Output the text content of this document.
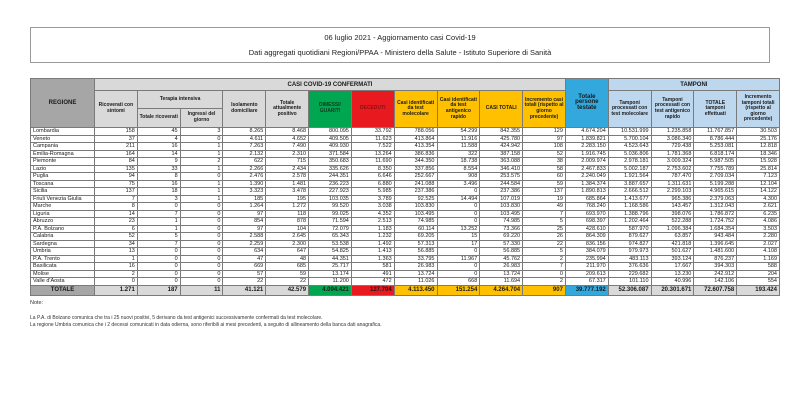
06 luglio 2021 - Aggiornamento casi Covid-19
Dati aggregati quotidiani Regioni/PPAA - Ministero della Salute - Istituto Superiore di Sanità
REGIONE	CASI COVID-19 CONFERMATI											Totale persone testate	TAMPONI			
	Ricoverati con sintomi	Terapia intensiva		Isolamento domiciliare	Totale attualmente positivo	DIMESSI/ GUARITI	DECEDUTI	Casi identificati da test molecolare	Casi identificati da test antigenico rapido	CASI TOTALI	Incremento casi totali (rispetto al giorno precedente)		Tamponi processati con test molecolare	Tamponi processati con test antigenico rapido	TOTALE tamponi effettuati	Incremento tamponi totali (rispetto al giorno precedente)
		Totale ricoverati	Ingressi del giorno													
Lombardia	158	45	3	8.265	8.468	800.095	33.792	788.056	54.299	842.355	129	4.674.204	10.531.999	1.235.858	11.767.857	30.503
Veneto	37	4	0	4.611	4.652	409.505	11.623	413.864	11.916	425.780	97	1.839.821	5.700.104	3.086.340	8.786.444	25.176
Campania	211	16	1	7.263	7.490	409.930	7.522	413.354	11.588	424.942	108	2.283.150	4.523.643	729.438	5.253.081	12.818
Emilia-Romagna	164	14	1	2.132	2.310	371.584	13.264	386.836	322	387.158	52	1.916.745	5.036.806	1.781.368	6.818.174	18.346
Piemonte	84	9	2	622	715	350.683	11.690	344.350	18.738	363.088	38	2.009.974	2.978.181	3.009.324	5.987.505	15.928
Lazio	135	33	1	2.266	2.434	335.626	8.350	337.856	8.554	346.410	58	2.467.833	5.002.187	2.753.602	7.755.789	25.814
Puglia	94	8	0	2.476	2.578	244.351	6.646	252.667	908	253.575	60	2.240.049	1.921.564	787.470	2.709.034	7.123
Toscana	75	16	1	1.390	1.481	236.223	6.880	241.088	3.496	244.584	59	1.384.374	3.887.657	1.311.631	5.199.288	12.104
Sicilia	137	18	1	3.323	3.478	227.923	5.985	237.386	0	237.386	137	1.890.813	2.666.512	2.299.103	4.965.615	14.122
Friuli Venezia Giulia	7	3	1	185	195	103.035	3.789	92.525	14.494	107.019	19	685.864	1.413.677	965.386	2.379.063	4.300
Marche	8	0	0	1.264	1.272	99.520	3.038	103.830	0	103.830	49	768.240	1.168.586	143.457	1.312.043	2.621
Liguria	14	7	0	97	118	99.025	4.352	103.495	0	103.495	7	693.970	1.388.796	398.076	1.786.872	6.235
Abruzzo	23	1	0	854	878	71.594	2.513	74.985	0	74.985	5	698.397	1.202.464	522.288	1.724.752	4.086
P.A. Bolzano	6	1	0	97	104	72.079	1.183	60.114	13.252	73.366	25	428.610	587.970	1.096.384	1.684.354	3.503
Calabria	52	5	0	2.588	2.645	65.343	1.232	69.205	15	69.220	26	864.309	879.627	63.857	943.484	2.280
Sardegna	34	7	0	2.259	2.300	53.538	1.492	57.313	17	57.330	22	836.156	974.827	421.818	1.396.645	2.027
Umbria	13	0	0	634	647	54.825	1.413	56.885	0	56.885	5	384.079	979.973	501.627	1.481.600	4.108
P.A. Trento	1	0	0	47	48	44.351	1.363	33.795	11.967	45.762	2	235.994	483.113	393.124	876.237	1.169
Basilicata	16	0	0	669	685	25.717	581	26.983	0	26.983	7	211.970	376.636	17.667	394.303	588
Molise	2	0	0	57	59	13.174	491	13.724	0	13.724	0	209.613	229.682	13.230	242.912	204
Valle d'Aosta	0	0	0	22	22	11.200	472	11.026	668	11.694	2	67.317	101.110	40.996	142.106	554
TOTALE	1.271	187	11	41.121	42.579	4.094.421	127.704	4.113.450	151.254	4.264.704	907	39.777.192	52.306.087	20.301.671	72.607.758	193.424
Note:
La P.A. di Bolzano comunica che tra i 25 nuovi positivi, 5 derivano da test antigenici successivamente confermati da test molecolare.
La regione Umbria comunica che i 2 decessi comunicati in data odierna, sono riferibili ai mesi precedenti, a seguito di allineamento della banca dati anagrafica.
